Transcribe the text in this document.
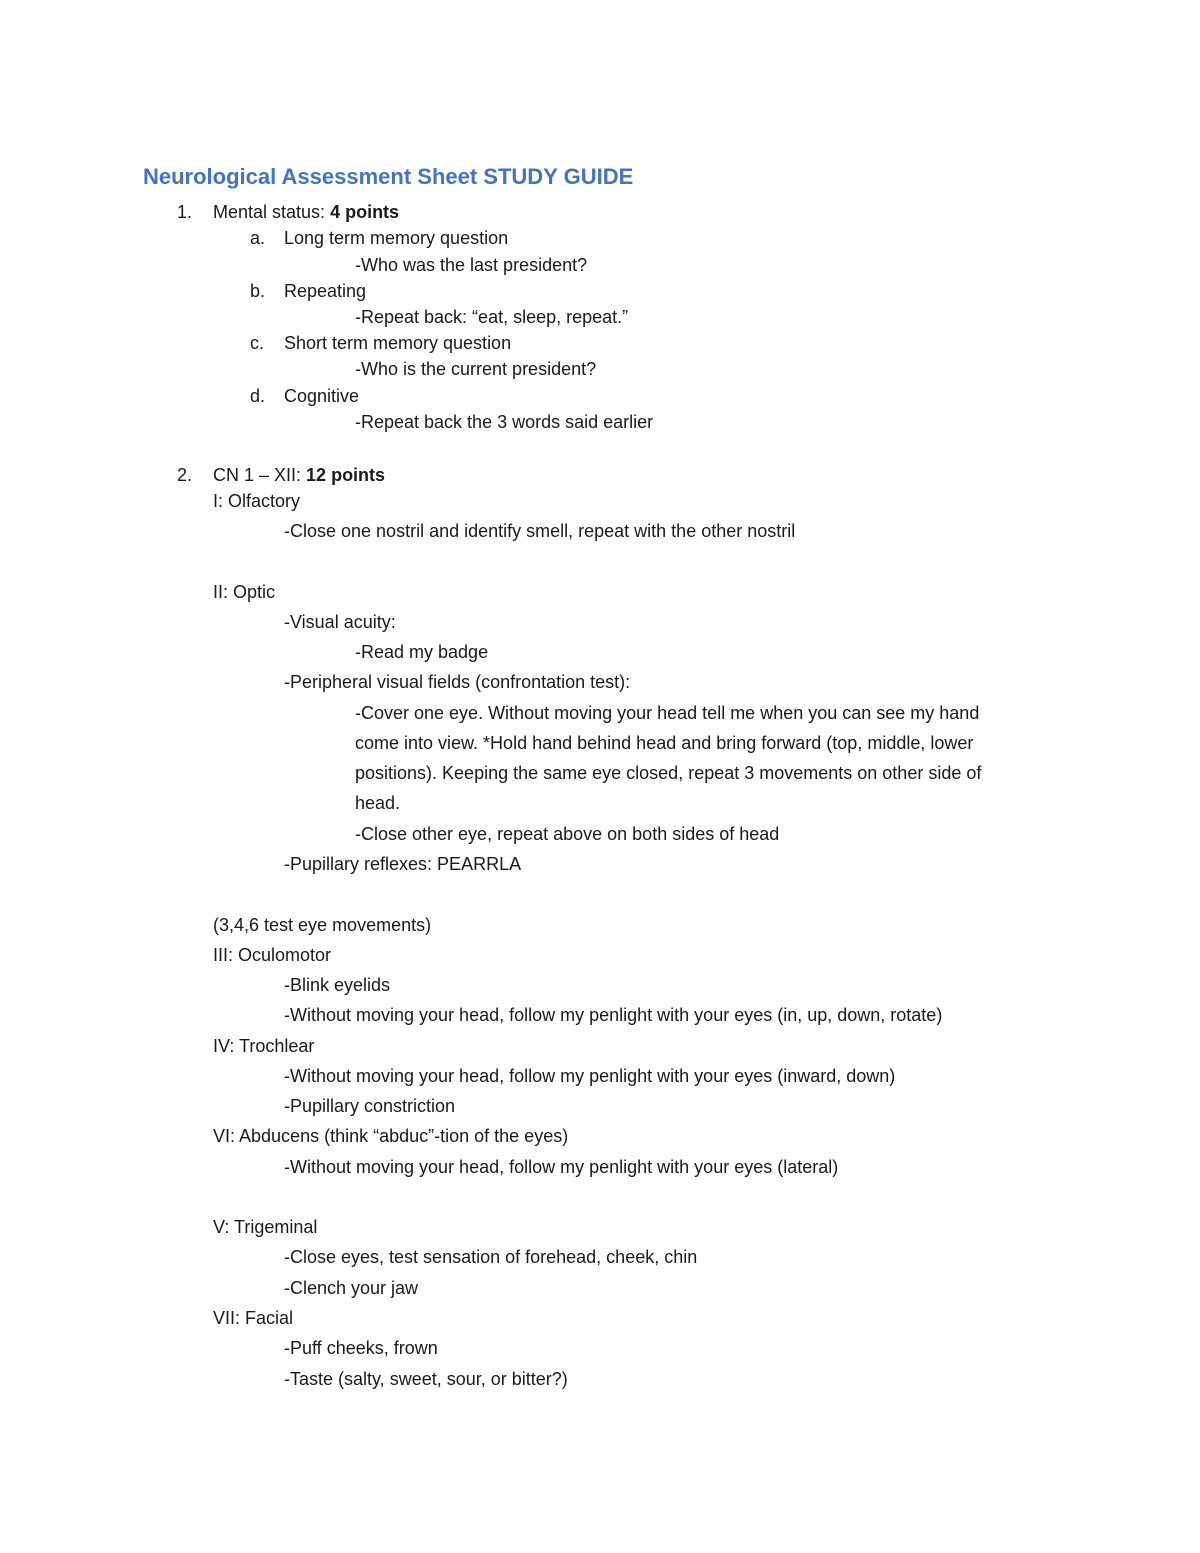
Neurological Assessment Sheet STUDY GUIDE
1. Mental status: 4 points
a. Long term memory question
-Who was the last president?
b. Repeating
-Repeat back: “eat, sleep, repeat.”
c. Short term memory question
-Who is the current president?
d. Cognitive
-Repeat back the 3 words said earlier
2. CN 1 – XII: 12 points
I: Olfactory
-Close one nostril and identify smell, repeat with the other nostril
II: Optic
-Visual acuity:
-Read my badge
-Peripheral visual fields (confrontation test):
-Cover one eye. Without moving your head tell me when you can see my hand
come into view. *Hold hand behind head and bring forward (top, middle, lower
positions). Keeping the same eye closed, repeat 3 movements on other side of
head.
-Close other eye, repeat above on both sides of head
-Pupillary reflexes: PEARRLA
(3,4,6 test eye movements)
III: Oculomotor
-Blink eyelids
-Without moving your head, follow my penlight with your eyes (in, up, down, rotate)
IV: Trochlear
-Without moving your head, follow my penlight with your eyes (inward, down)
-Pupillary constriction
VI: Abducens (think “abduc”-tion of the eyes)
-Without moving your head, follow my penlight with your eyes (lateral)
V: Trigeminal
-Close eyes, test sensation of forehead, cheek, chin
-Clench your jaw
VII: Facial
-Puff cheeks, frown
-Taste (salty, sweet, sour, or bitter?)
